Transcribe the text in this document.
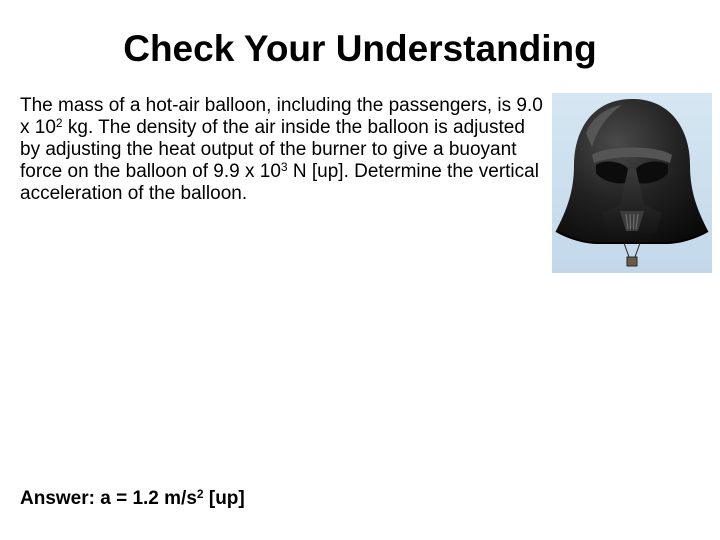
Check Your Understanding

The mass of a hot-air balloon, including the passengers, is 9.0 x $10^2$ kg. The density of the air inside the balloon is adjusted by adjusting the heat output of the burner to give a buoyant force on the balloon of 9.9 x $10^3$ N [up]. Determine the vertical acceleration of the balloon.

Answer: a = 1.2 $m/s^2$ [up]
